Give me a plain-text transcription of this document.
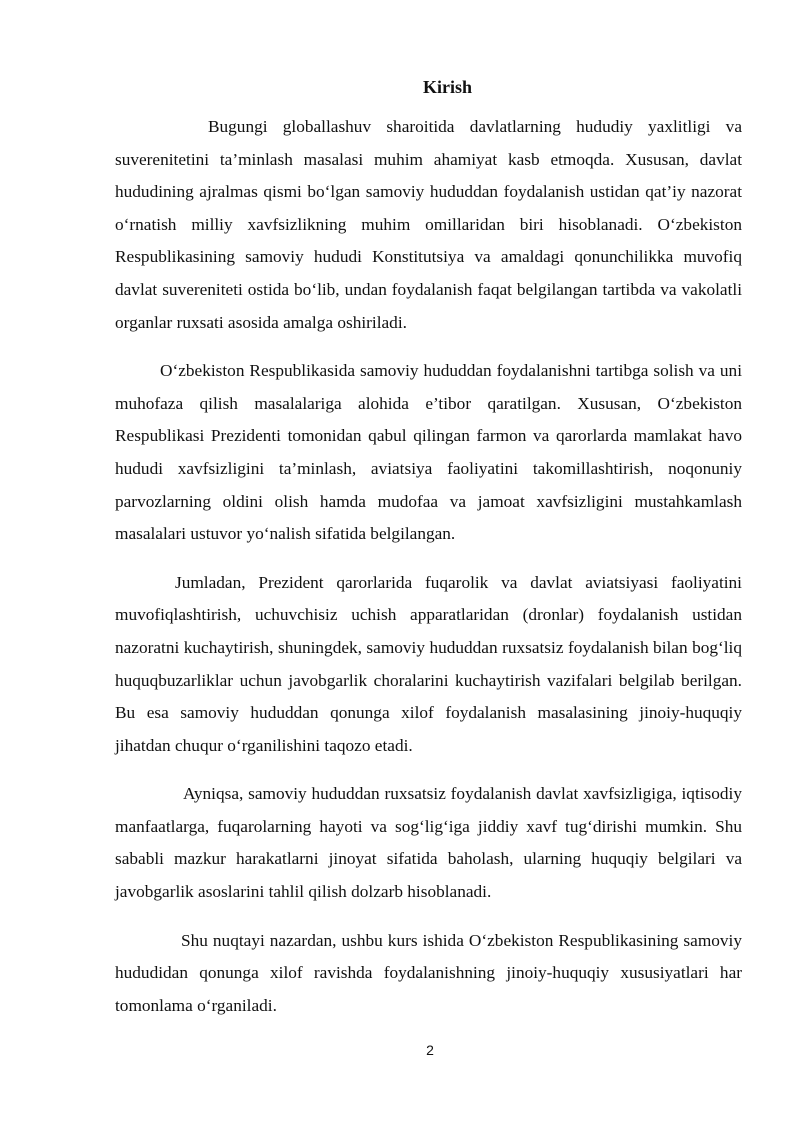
Kirish

Bugungi globallashuv sharoitida davlatlarning hududiy yaxlitligi va suverenitetini ta’minlash masalasi muhim ahamiyat kasb etmoqda. Xususan, davlat hududining ajralmas qismi bo‘lgan samoviy hududdan foydalanish ustidan qat’iy nazorat o‘rnatish milliy xavfsizlikning muhim omillaridan biri hisoblanadi. O‘zbekiston Respublikasining samoviy hududi Konstitutsiya va amaldagi qonunchilikka muvofiq davlat suvereniteti ostida bo‘lib, undan foydalanish faqat belgilangan tartibda va vakolatli organlar ruxsati asosida amalga oshiriladi.

O‘zbekiston Respublikasida samoviy hududdan foydalanishni tartibga solish va uni muhofaza qilish masalalariga alohida e’tibor qaratilgan. Xususan, O‘zbekiston Respublikasi Prezidenti tomonidan qabul qilingan farmon va qarorlarda mamlakat havo hududi xavfsizligini ta’minlash, aviatsiya faoliyatini takomillashtirish, noqonuniy parvozlarning oldini olish hamda mudofaa va jamoat xavfsizligini mustahkamlash masalalari ustuvor yo‘nalish sifatida belgilangan.

Jumladan, Prezident qarorlarida fuqarolik va davlat aviatsiyasi faoliyatini muvofiqlashtirish, uchuvchisiz uchish apparatlaridan (dronlar) foydalanish ustidan nazoratni kuchaytirish, shuningdek, samoviy hududdan ruxsatsiz foydalanish bilan bog‘liq huquqbuzarliklar uchun javobgarlik choralarini kuchaytirish vazifalari belgilab berilgan. Bu esa samoviy hududdan qonunga xilof foydalanish masalasining jinoiy-huquqiy jihatdan chuqur o‘rganilishini taqozo etadi.

Ayniqsa, samoviy hududdan ruxsatsiz foydalanish davlat xavfsizligiga, iqtisodiy manfaatlarga, fuqarolarning hayoti va sog‘lig‘iga jiddiy xavf tug‘dirishi mumkin. Shu sababli mazkur harakatlarni jinoyat sifatida baholash, ularning huquqiy belgilari va javobgarlik asoslarini tahlil qilish dolzarb hisoblanadi.

Shu nuqtayi nazardan, ushbu kurs ishida O‘zbekiston Respublikasining samoviy hududidan qonunga xilof ravishda foydalanishning jinoiy-huquqiy xususiyatlari har tomonlama o‘rganiladi.

2
